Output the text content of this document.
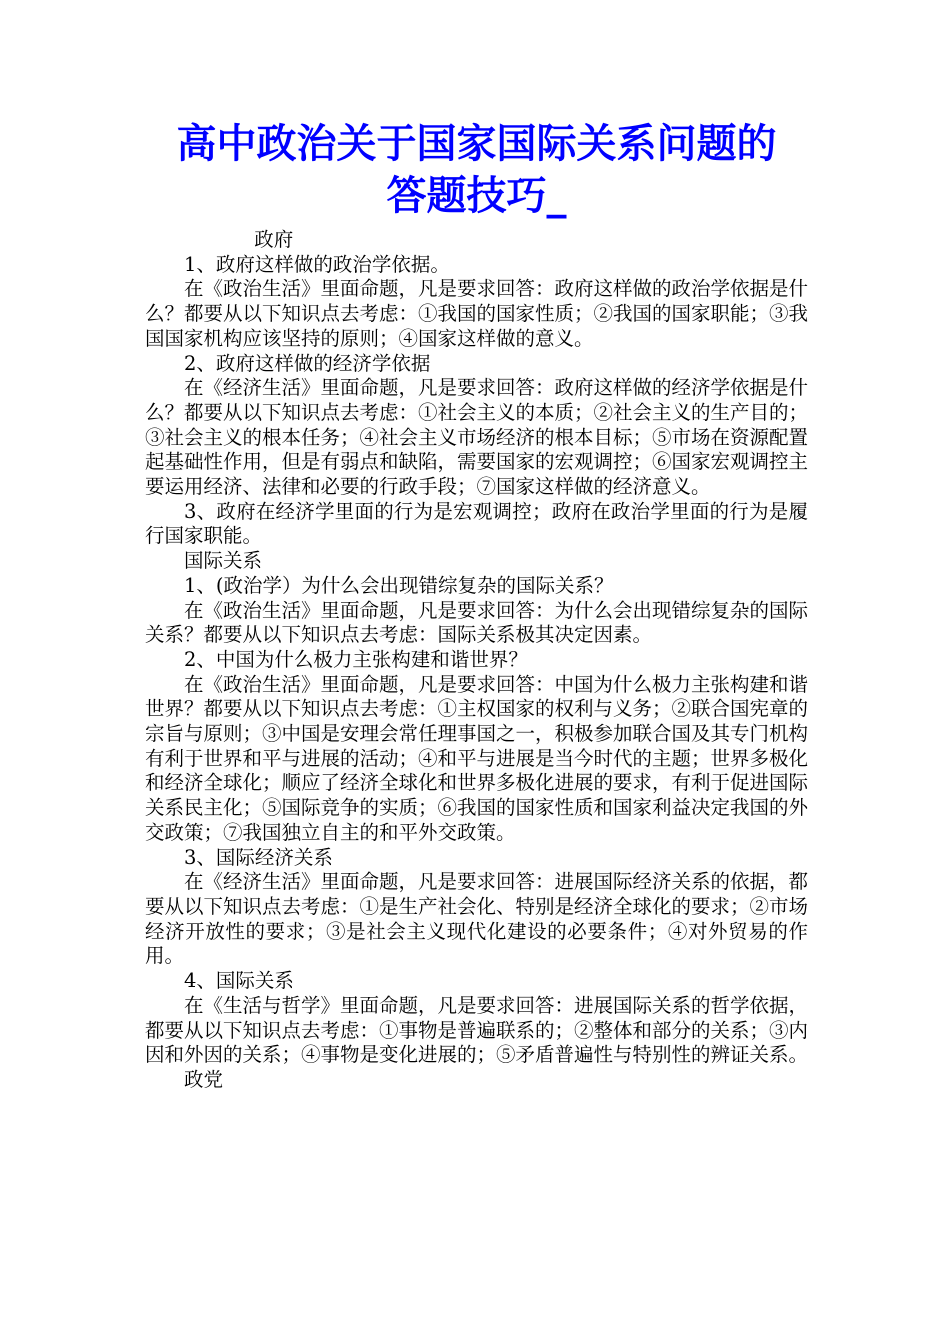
高中政治关于国家国际关系问题的
答题技巧_

政府

1、政府这样做的政治学依据。

在《政治生活》里面命题，凡是要求回答：政府这样做的政治学依据是什么？都要从以下知识点去考虑：①我国的国家性质；②我国的国家职能；③我国国家机构应该坚持的原则；④国家这样做的意义。

2、政府这样做的经济学依据

在《经济生活》里面命题，凡是要求回答：政府这样做的经济学依据是什么？都要从以下知识点去考虑：①社会主义的本质；②社会主义的生产目的；③社会主义的根本任务；④社会主义市场经济的根本目标；⑤市场在资源配置起基础性作用，但是有弱点和缺陷，需要国家的宏观调控；⑥国家宏观调控主要运用经济、法律和必要的行政手段；⑦国家这样做的经济意义。

3、政府在经济学里面的行为是宏观调控；政府在政治学里面的行为是履行国家职能。

国际关系

1、(政治学）为什么会出现错综复杂的国际关系？

在《政治生活》里面命题，凡是要求回答：为什么会出现错综复杂的国际关系？都要从以下知识点去考虑：国际关系极其决定因素。

2、中国为什么极力主张构建和谐世界？

在《政治生活》里面命题，凡是要求回答：中国为什么极力主张构建和谐世界？都要从以下知识点去考虑：①主权国家的权利与义务；②联合国宪章的宗旨与原则；③中国是安理会常任理事国之一，积极参加联合国及其专门机构有利于世界和平与进展的活动；④和平与进展是当今时代的主题；世界多极化和经济全球化；顺应了经济全球化和世界多极化进展的要求，有利于促进国际关系民主化；⑤国际竞争的实质；⑥我国的国家性质和国家利益决定我国的外交政策；⑦我国独立自主的和平外交政策。

3、国际经济关系

在《经济生活》里面命题，凡是要求回答：进展国际经济关系的依据，都要从以下知识点去考虑：①是生产社会化、特别是经济全球化的要求；②市场经济开放性的要求；③是社会主义现代化建设的必要条件；④对外贸易的作用。

4、国际关系

在《生活与哲学》里面命题，凡是要求回答：进展国际关系的哲学依据，都要从以下知识点去考虑：①事物是普遍联系的；②整体和部分的关系；③内因和外因的关系；④事物是变化进展的；⑤矛盾普遍性与特别性的辨证关系。

政党
